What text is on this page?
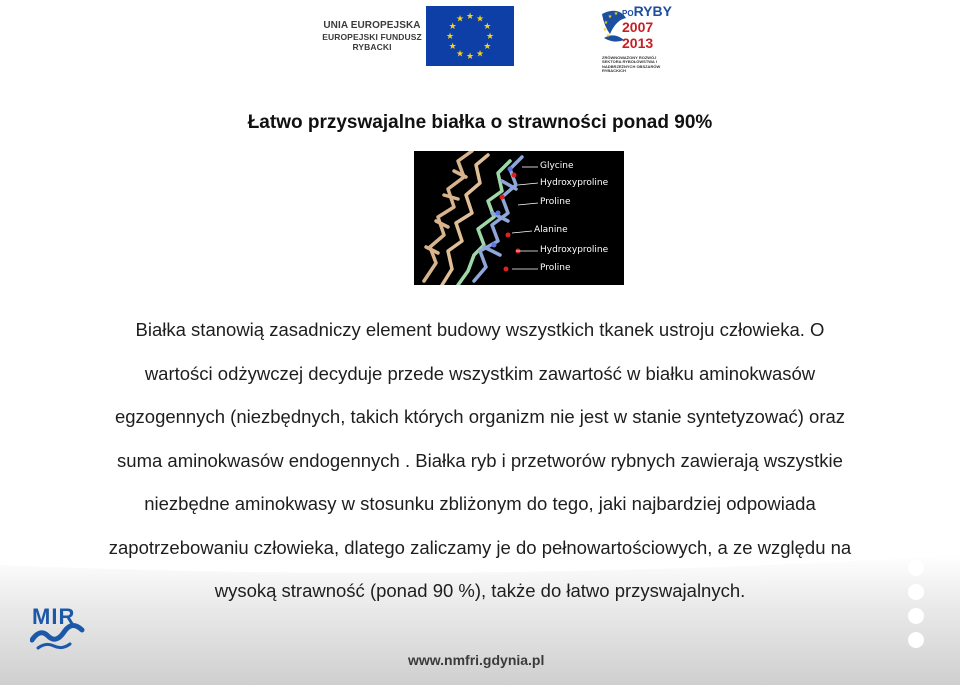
UNIA EUROPEJSKA
EUROPEJSKI FUNDUSZ
RYBACKI
★ ★
★
★
★
★
★
★
★
★
★
★	★
★ ★
★
★
PORYBY
2007
2013
ZRÓWNOWAŻONY ROZWÓJ SEKTORA RYBOŁÓWSTWA I NADBRZEŻNYCH OBSZARÓW RYBACKICH
Łatwo przyswajalne białka o strawności ponad 90%
Glycine
Hydroxyproline
Proline
Alanine
Hydroxyproline
Proline
Białka stanowią zasadniczy element budowy wszystkich tkanek ustroju człowieka. O
wartości odżywczej decyduje przede wszystkim zawartość w białku aminokwasów
egzogennych (niezbędnych, takich których organizm nie jest w stanie syntetyzować) oraz
suma aminokwasów endogennych . Białka ryb i przetworów rybnych zawierają wszystkie
niezbędne aminokwasy w stosunku zbliżonym do tego, jaki najbardziej odpowiada
zapotrzebowaniu człowieka, dlatego zaliczamy je do pełnowartościowych, a ze względu na
wysoką strawność (ponad 90 %), także do łatwo przyswajalnych.
MIR
www.nmfri.gdynia.pl
